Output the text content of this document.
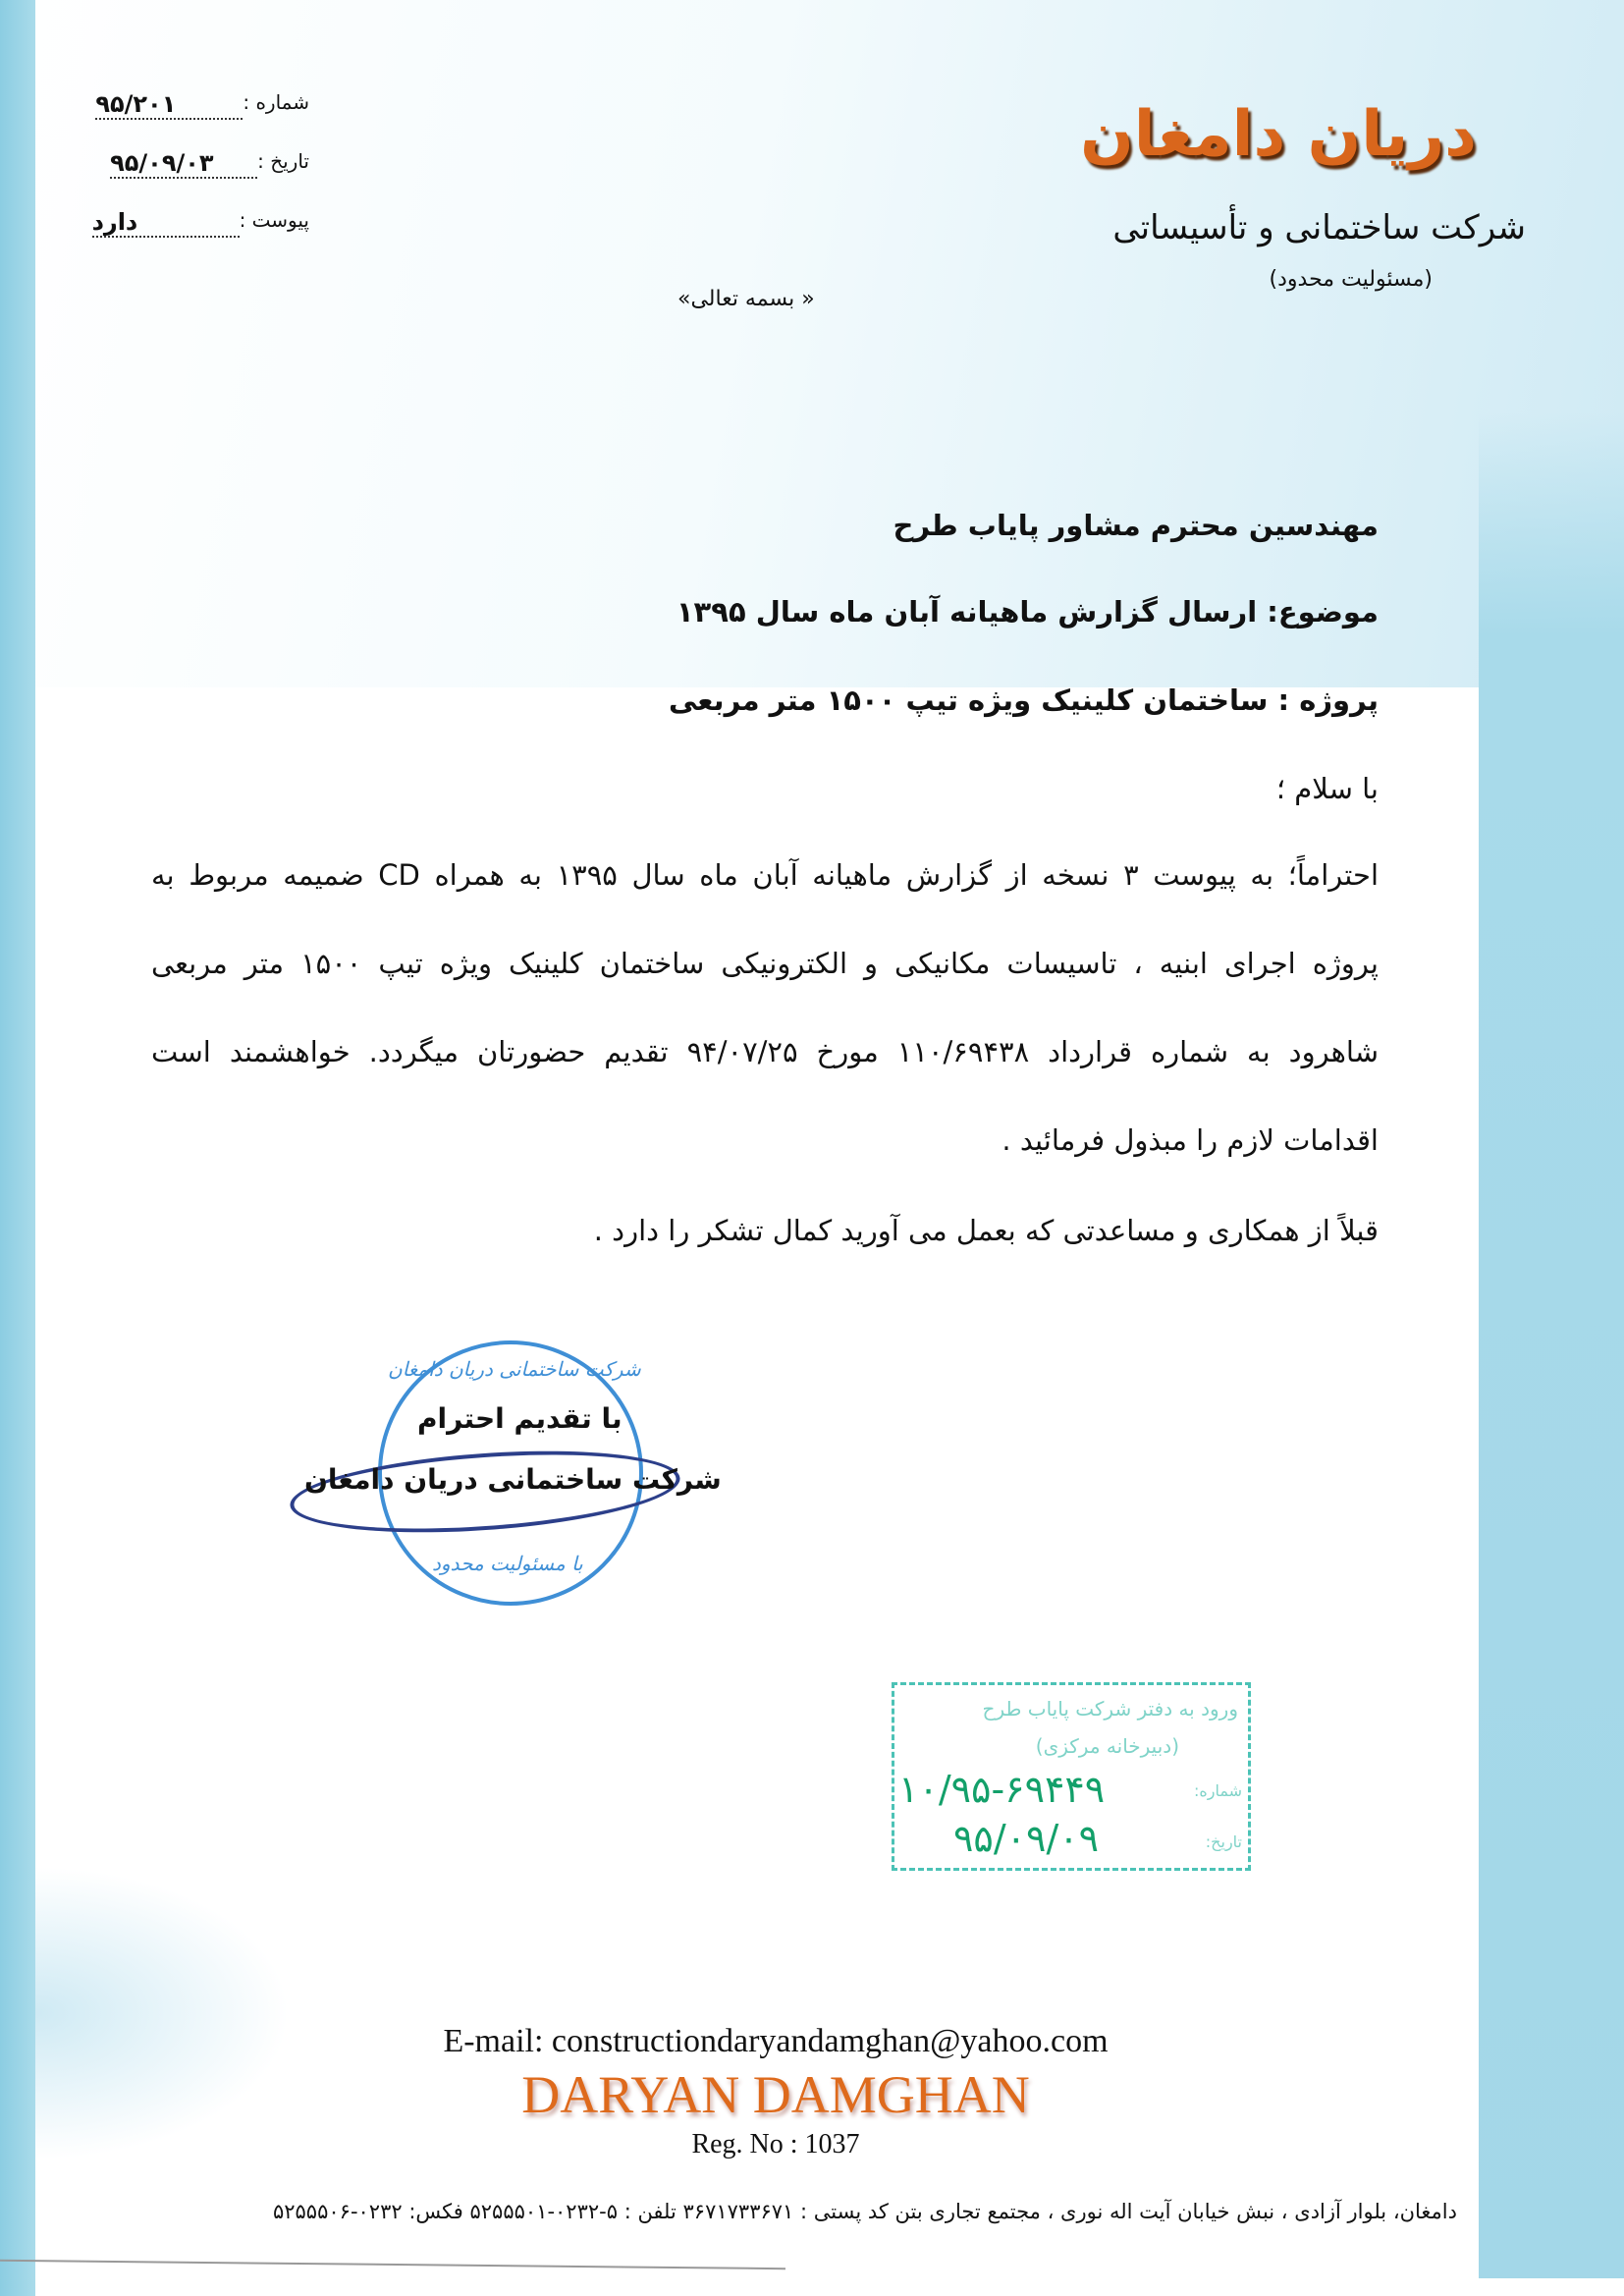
دریان دامغان
شرکت ساختمانی و تأسیساتی
(مسئولیت محدود)
« بسمه تعالی»
شماره :
۹۵/۲۰۱
تاریخ :
۹۵/۰۹/۰۳
پیوست :
دارد
مهندسین محترم مشاور پایاب طرح
موضوع: ارسال گزارش ماهیانه آبان ماه سال ۱۳۹۵
پروژه : ساختمان کلینیک ویژه تیپ ۱۵۰۰ متر مربعی
با سلام ؛
احتراماً؛ به پیوست ۳ نسخه از گزارش ماهیانه آبان ماه سال ۱۳۹۵ به همراه CD ضمیمه مربوط به
پروژه اجرای ابنیه ، تاسیسات مکانیکی و الکترونیکی ساختمان کلینیک ویژه تیپ ۱۵۰۰ متر مربعی
شاهرود به شماره قرارداد ۱۱۰/۶۹۴۳۸ مورخ ۹۴/۰۷/۲۵ تقدیم حضورتان میگردد. خواهشمند است
اقدامات لازم را مبذول فرمائید .
قبلاً از همکاری و مساعدتی که بعمل می آورید کمال تشکر را دارد .
شرکت ساختمانی دریان دامغان
با مسئولیت محدود
با تقدیم احترام
شرکت ساختمانی دریان دامغان
ورود به دفتر شرکت پایاب طرح
(دبیرخانه مرکزی)
شماره:
۱۰/۹۵-۶۹۴۴۹
تاریخ:
۹۵/۰۹/۰۹
E-mail: constructiondaryandamghan@yahoo.com
DARYAN DAMGHAN
Reg. No : 1037
دامغان، بلوار آزادی ، نبش خیابان آیت اله نوری ، مجتمع تجاری بتن کد پستی : ۳۶۷۱۷۳۳۶۷۱ تلفن : ۵-۰۲۳۲-۵۲۵۵۵۰۱ فکس: ۰۲۳۲-۵۲۵۵۵۰۶
